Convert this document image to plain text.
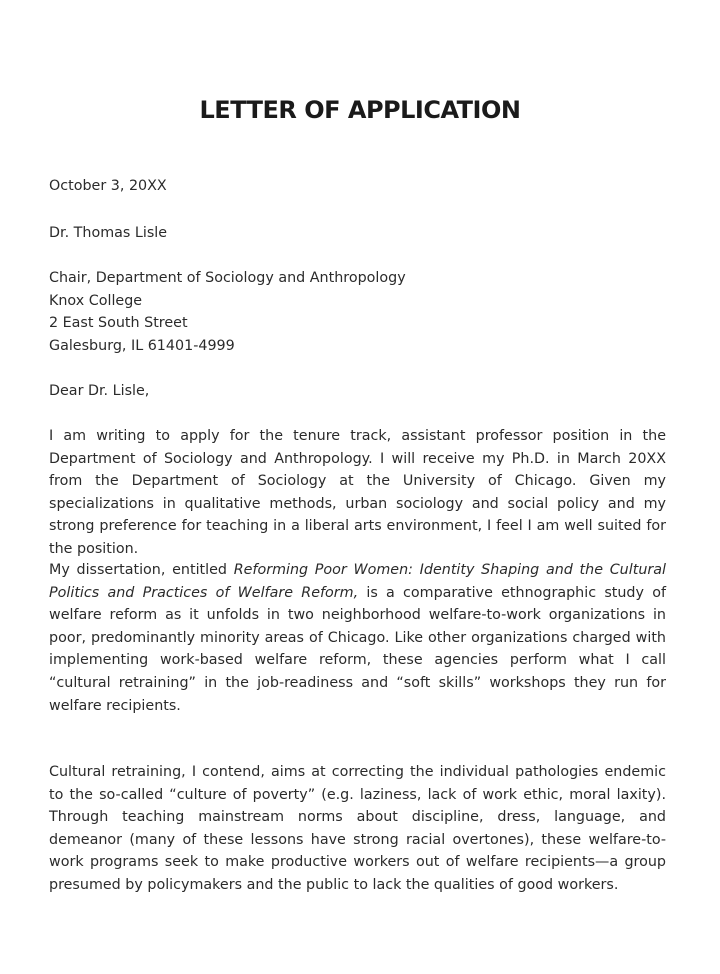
LETTER OF APPLICATION

October 3, 20XX

Dr. Thomas Lisle

Chair, Department of Sociology and Anthropology
Knox College
2 East South Street
Galesburg, IL 61401-4999

Dear Dr. Lisle,

I am writing to apply for the tenure track, assistant professor position in the Department of Sociology and Anthropology. I will receive my Ph.D. in March 20XX from the Department of Sociology at the University of Chicago. Given my specializations in qualitative methods, urban sociology and social policy and my strong preference for teaching in a liberal arts environment, I feel I am well suited for the position.

My dissertation, entitled Reforming Poor Women: Identity Shaping and the Cultural Politics and Practices of Welfare Reform, is a comparative ethnographic study of welfare reform as it unfolds in two neighborhood welfare-to-work organizations in poor, predominantly minority areas of Chicago. Like other organizations charged with implementing work-based welfare reform, these agencies perform what I call “cultural retraining” in the job-readiness and “soft skills” workshops they run for welfare recipients.

Cultural retraining, I contend, aims at correcting the individual pathologies endemic to the so-called “culture of poverty” (e.g. laziness, lack of work ethic, moral laxity). Through teaching mainstream norms about discipline, dress, language, and demeanor (many of these lessons have strong racial overtones), these welfare-to-work programs seek to make productive workers out of welfare recipients—a group presumed by policymakers and the public to lack the qualities of good workers.
